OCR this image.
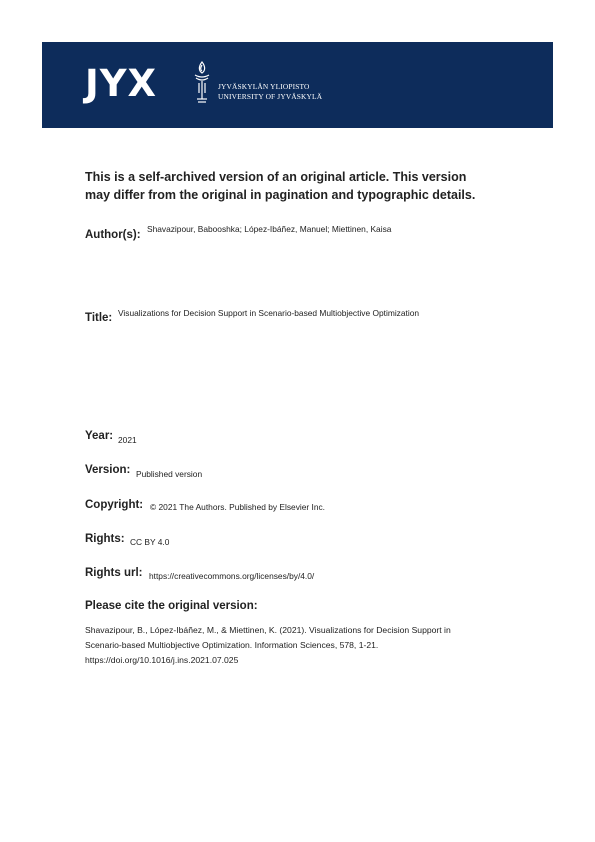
JYX	JYVÄSKYLÄN YLIOPISTO
UNIVERSITY OF JYVÄSKYLÄ
This is a self-archived version of an original article. This version
may differ from the original in pagination and typographic details.
Author(s): Shavazipour, Babooshka; López-Ibáñez, Manuel; Miettinen, Kaisa
Title: Visualizations for Decision Support in Scenario-based Multiobjective Optimization
Year: 2021
Version: Published version
Copyright: © 2021 The Authors. Published by Elsevier Inc.
Rights: CC BY 4.0
Rights url: https://creativecommons.org/licenses/by/4.0/
Please cite the original version:
Shavazipour, B., López-Ibáñez, M., & Miettinen, K. (2021). Visualizations for Decision Support in
Scenario-based Multiobjective Optimization. Information Sciences, 578, 1-21.
https://doi.org/10.1016/j.ins.2021.07.025
